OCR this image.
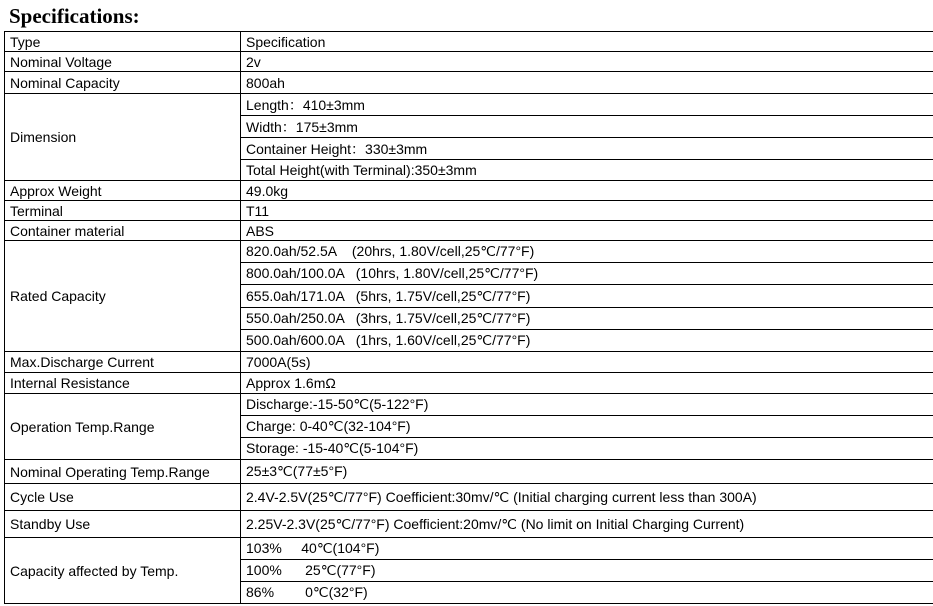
Specifications:
Type	Specification
Nominal Voltage	2v
Nominal Capacity	800ah
Dimension	Length：410±3mm
	Width：175±3mm
	Container Height：330±3mm
	Total Height(with Terminal):350±3mm
Approx Weight	49.0kg
Terminal	T11
Container material	ABS
Rated Capacity	820.0ah/52.5A    (20hrs, 1.80V/cell,25℃/77°F)
	800.0ah/100.0A   (10hrs, 1.80V/cell,25℃/77°F)
	655.0ah/171.0A   (5hrs, 1.75V/cell,25℃/77°F)
	550.0ah/250.0A   (3hrs, 1.75V/cell,25℃/77°F)
	500.0ah/600.0A   (1hrs, 1.60V/cell,25℃/77°F)
Max.Discharge Current	7000A(5s)
Internal Resistance	Approx 1.6mΩ
Operation Temp.Range	Discharge:-15-50℃(5-122°F)
	Charge: 0-40℃(32-104°F)
	Storage: -15-40℃(5-104°F)
Nominal Operating Temp.Range	25±3℃(77±5°F)
Cycle Use	2.4V-2.5V(25℃/77°F) Coefficient:30mv/℃ (Initial charging current less than 300A)
Standby Use	2.25V-2.3V(25℃/77°F) Coefficient:20mv/℃ (No limit on Initial Charging Current)
Capacity affected by Temp.	103%     40℃(104°F)
	100%      25℃(77°F)
	86%        0℃(32°F)
